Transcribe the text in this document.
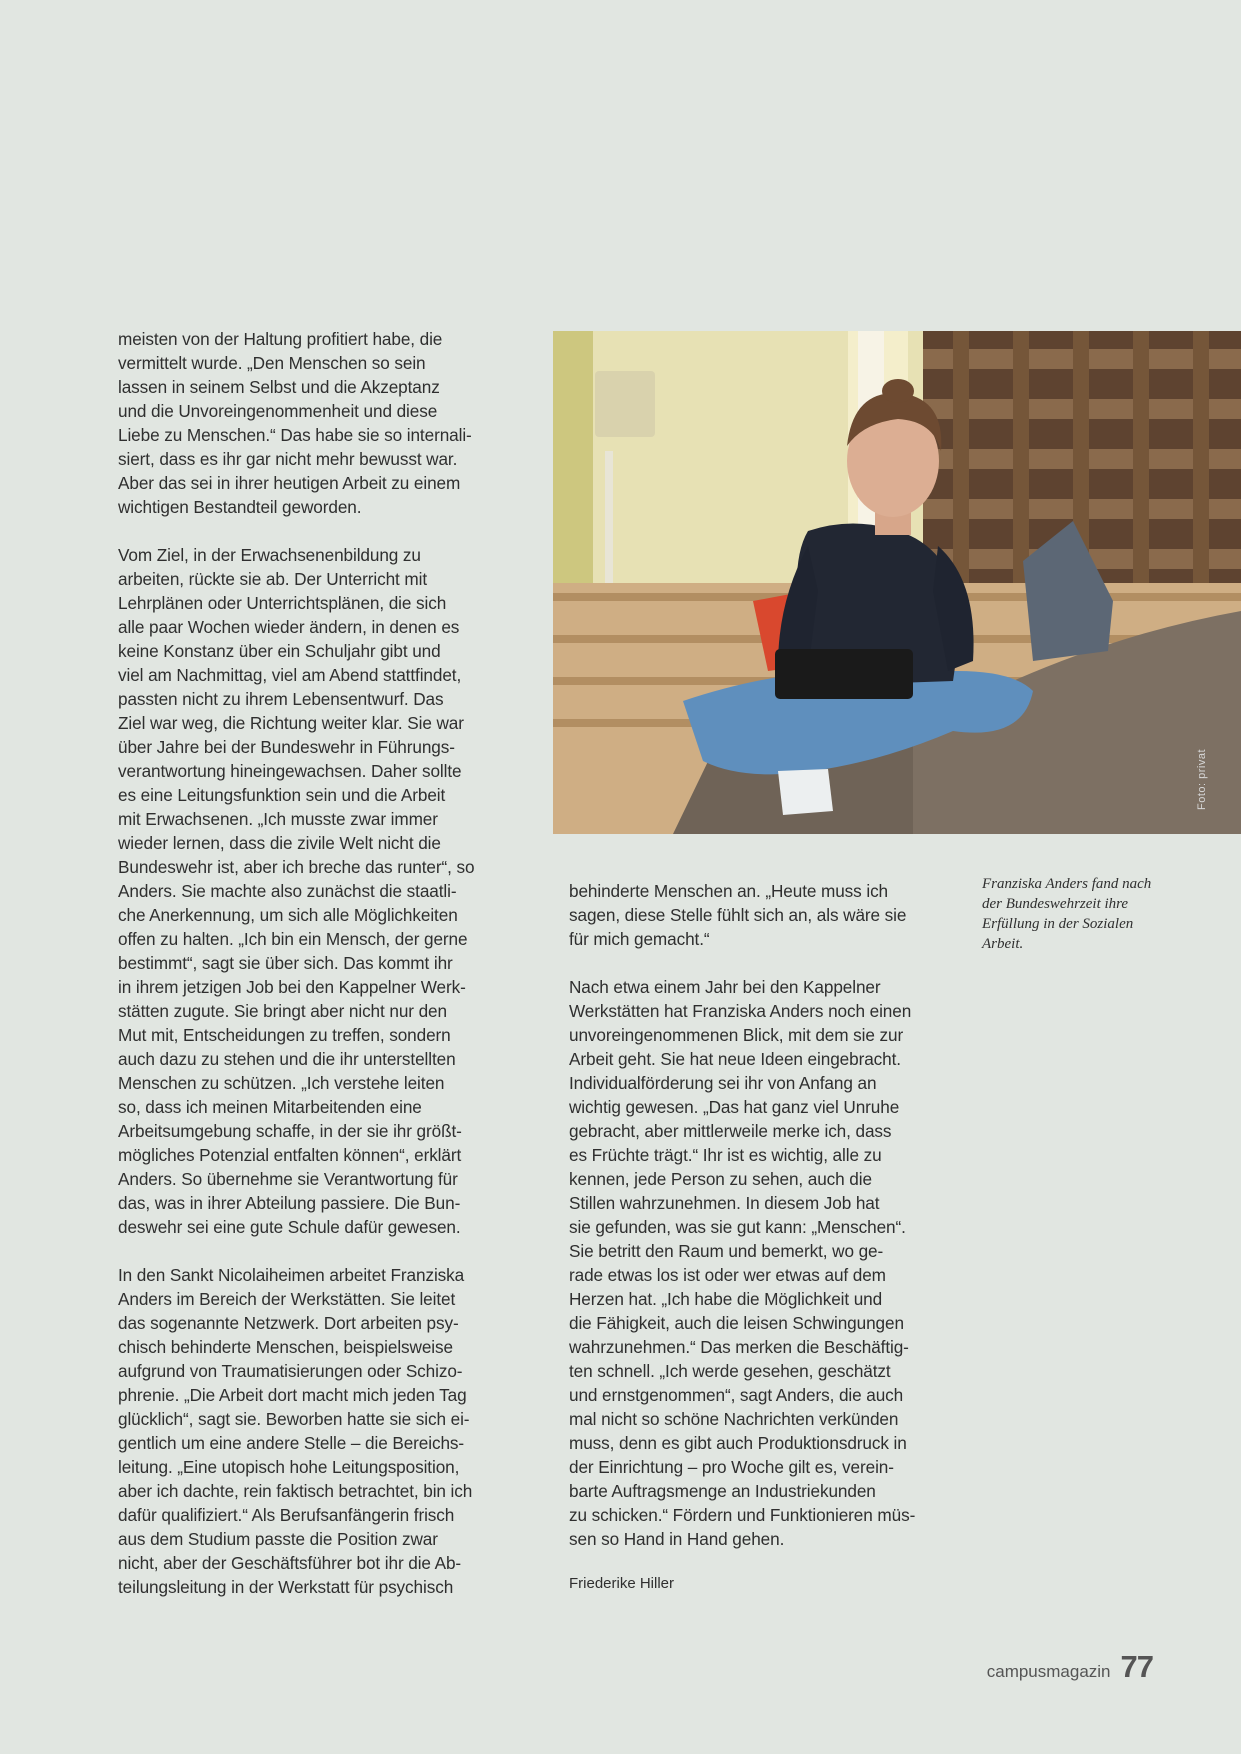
meisten von der Haltung profitiert habe, die
vermittelt wurde. „Den Menschen so sein
lassen in seinem Selbst und die Akzeptanz
und die Unvoreingenommenheit und diese
Liebe zu Menschen.“ Das habe sie so internali-
siert, dass es ihr gar nicht mehr bewusst war.
Aber das sei in ihrer heutigen Arbeit zu einem
wichtigen Bestandteil geworden.
Vom Ziel, in der Erwachsenenbildung zu
arbeiten, rückte sie ab. Der Unterricht mit
Lehrplänen oder Unterrichtsplänen, die sich
alle paar Wochen wieder ändern, in denen es
keine Konstanz über ein Schuljahr gibt und
viel am Nachmittag, viel am Abend stattfindet,
passten nicht zu ihrem Lebensentwurf. Das
Ziel war weg, die Richtung weiter klar. Sie war
über Jahre bei der Bundeswehr in Führungs-
verantwortung hineingewachsen. Daher sollte
es eine Leitungsfunktion sein und die Arbeit
mit Erwachsenen. „Ich musste zwar immer
wieder lernen, dass die zivile Welt nicht die
Bundeswehr ist, aber ich breche das runter“, so
Anders. Sie machte also zunächst die staatli-
che Anerkennung, um sich alle Möglichkeiten
offen zu halten. „Ich bin ein Mensch, der gerne
bestimmt“, sagt sie über sich. Das kommt ihr
in ihrem jetzigen Job bei den Kappelner Werk-
stätten zugute. Sie bringt aber nicht nur den
Mut mit, Entscheidungen zu treffen, sondern
auch dazu zu stehen und die ihr unterstellten
Menschen zu schützen. „Ich verstehe leiten
so, dass ich meinen Mitarbeitenden eine
Arbeitsumgebung schaffe, in der sie ihr größt-
mögliches Potenzial entfalten können“, erklärt
Anders. So übernehme sie Verantwortung für
das, was in ihrer Abteilung passiere. Die Bun-
deswehr sei eine gute Schule dafür gewesen.
In den Sankt Nicolaiheimen arbeitet Franziska
Anders im Bereich der Werkstätten. Sie leitet
das sogenannte Netzwerk. Dort arbeiten psy-
chisch behinderte Menschen, beispielsweise
aufgrund von Traumatisierungen oder Schizo-
phrenie. „Die Arbeit dort macht mich jeden Tag
glücklich“, sagt sie. Beworben hatte sie sich ei-
gentlich um eine andere Stelle – die Bereichs-
leitung. „Eine utopisch hohe Leitungsposition,
aber ich dachte, rein faktisch betrachtet, bin ich
dafür qualifiziert.“ Als Berufsanfängerin frisch
aus dem Studium passte die Position zwar
nicht, aber der Geschäftsführer bot ihr die Ab-
teilungsleitung in der Werkstatt für psychisch
Foto: privat
behinderte Menschen an. „Heute muss ich
sagen, diese Stelle fühlt sich an, als wäre sie
für mich gemacht.“
Nach etwa einem Jahr bei den Kappelner
Werkstätten hat Franziska Anders noch einen
unvoreingenommenen Blick, mit dem sie zur
Arbeit geht. Sie hat neue Ideen eingebracht.
Individualförderung sei ihr von Anfang an
wichtig gewesen. „Das hat ganz viel Unruhe
gebracht, aber mittlerweile merke ich, dass
es Früchte trägt.“ Ihr ist es wichtig, alle zu
kennen, jede Person zu sehen, auch die
Stillen wahrzunehmen. In diesem Job hat
sie gefunden, was sie gut kann: „Menschen“.
Sie betritt den Raum und bemerkt, wo ge-
rade etwas los ist oder wer etwas auf dem
Herzen hat. „Ich habe die Möglichkeit und
die Fähigkeit, auch die leisen Schwingungen
wahrzunehmen.“ Das merken die Beschäftig-
ten schnell. „Ich werde gesehen, geschätzt
und ernstgenommen“, sagt Anders, die auch
mal nicht so schöne Nachrichten verkünden
muss, denn es gibt auch Produktionsdruck in
der Einrichtung – pro Woche gilt es, verein-
barte Auftragsmenge an Industriekunden
zu schicken.“ Fördern und Funktionieren müs-
sen so Hand in Hand gehen.
Friederike Hiller
Franziska Anders fand nach
der Bundeswehrzeit ihre
Erfüllung in der Sozialen
Arbeit.
campusmagazin 77
